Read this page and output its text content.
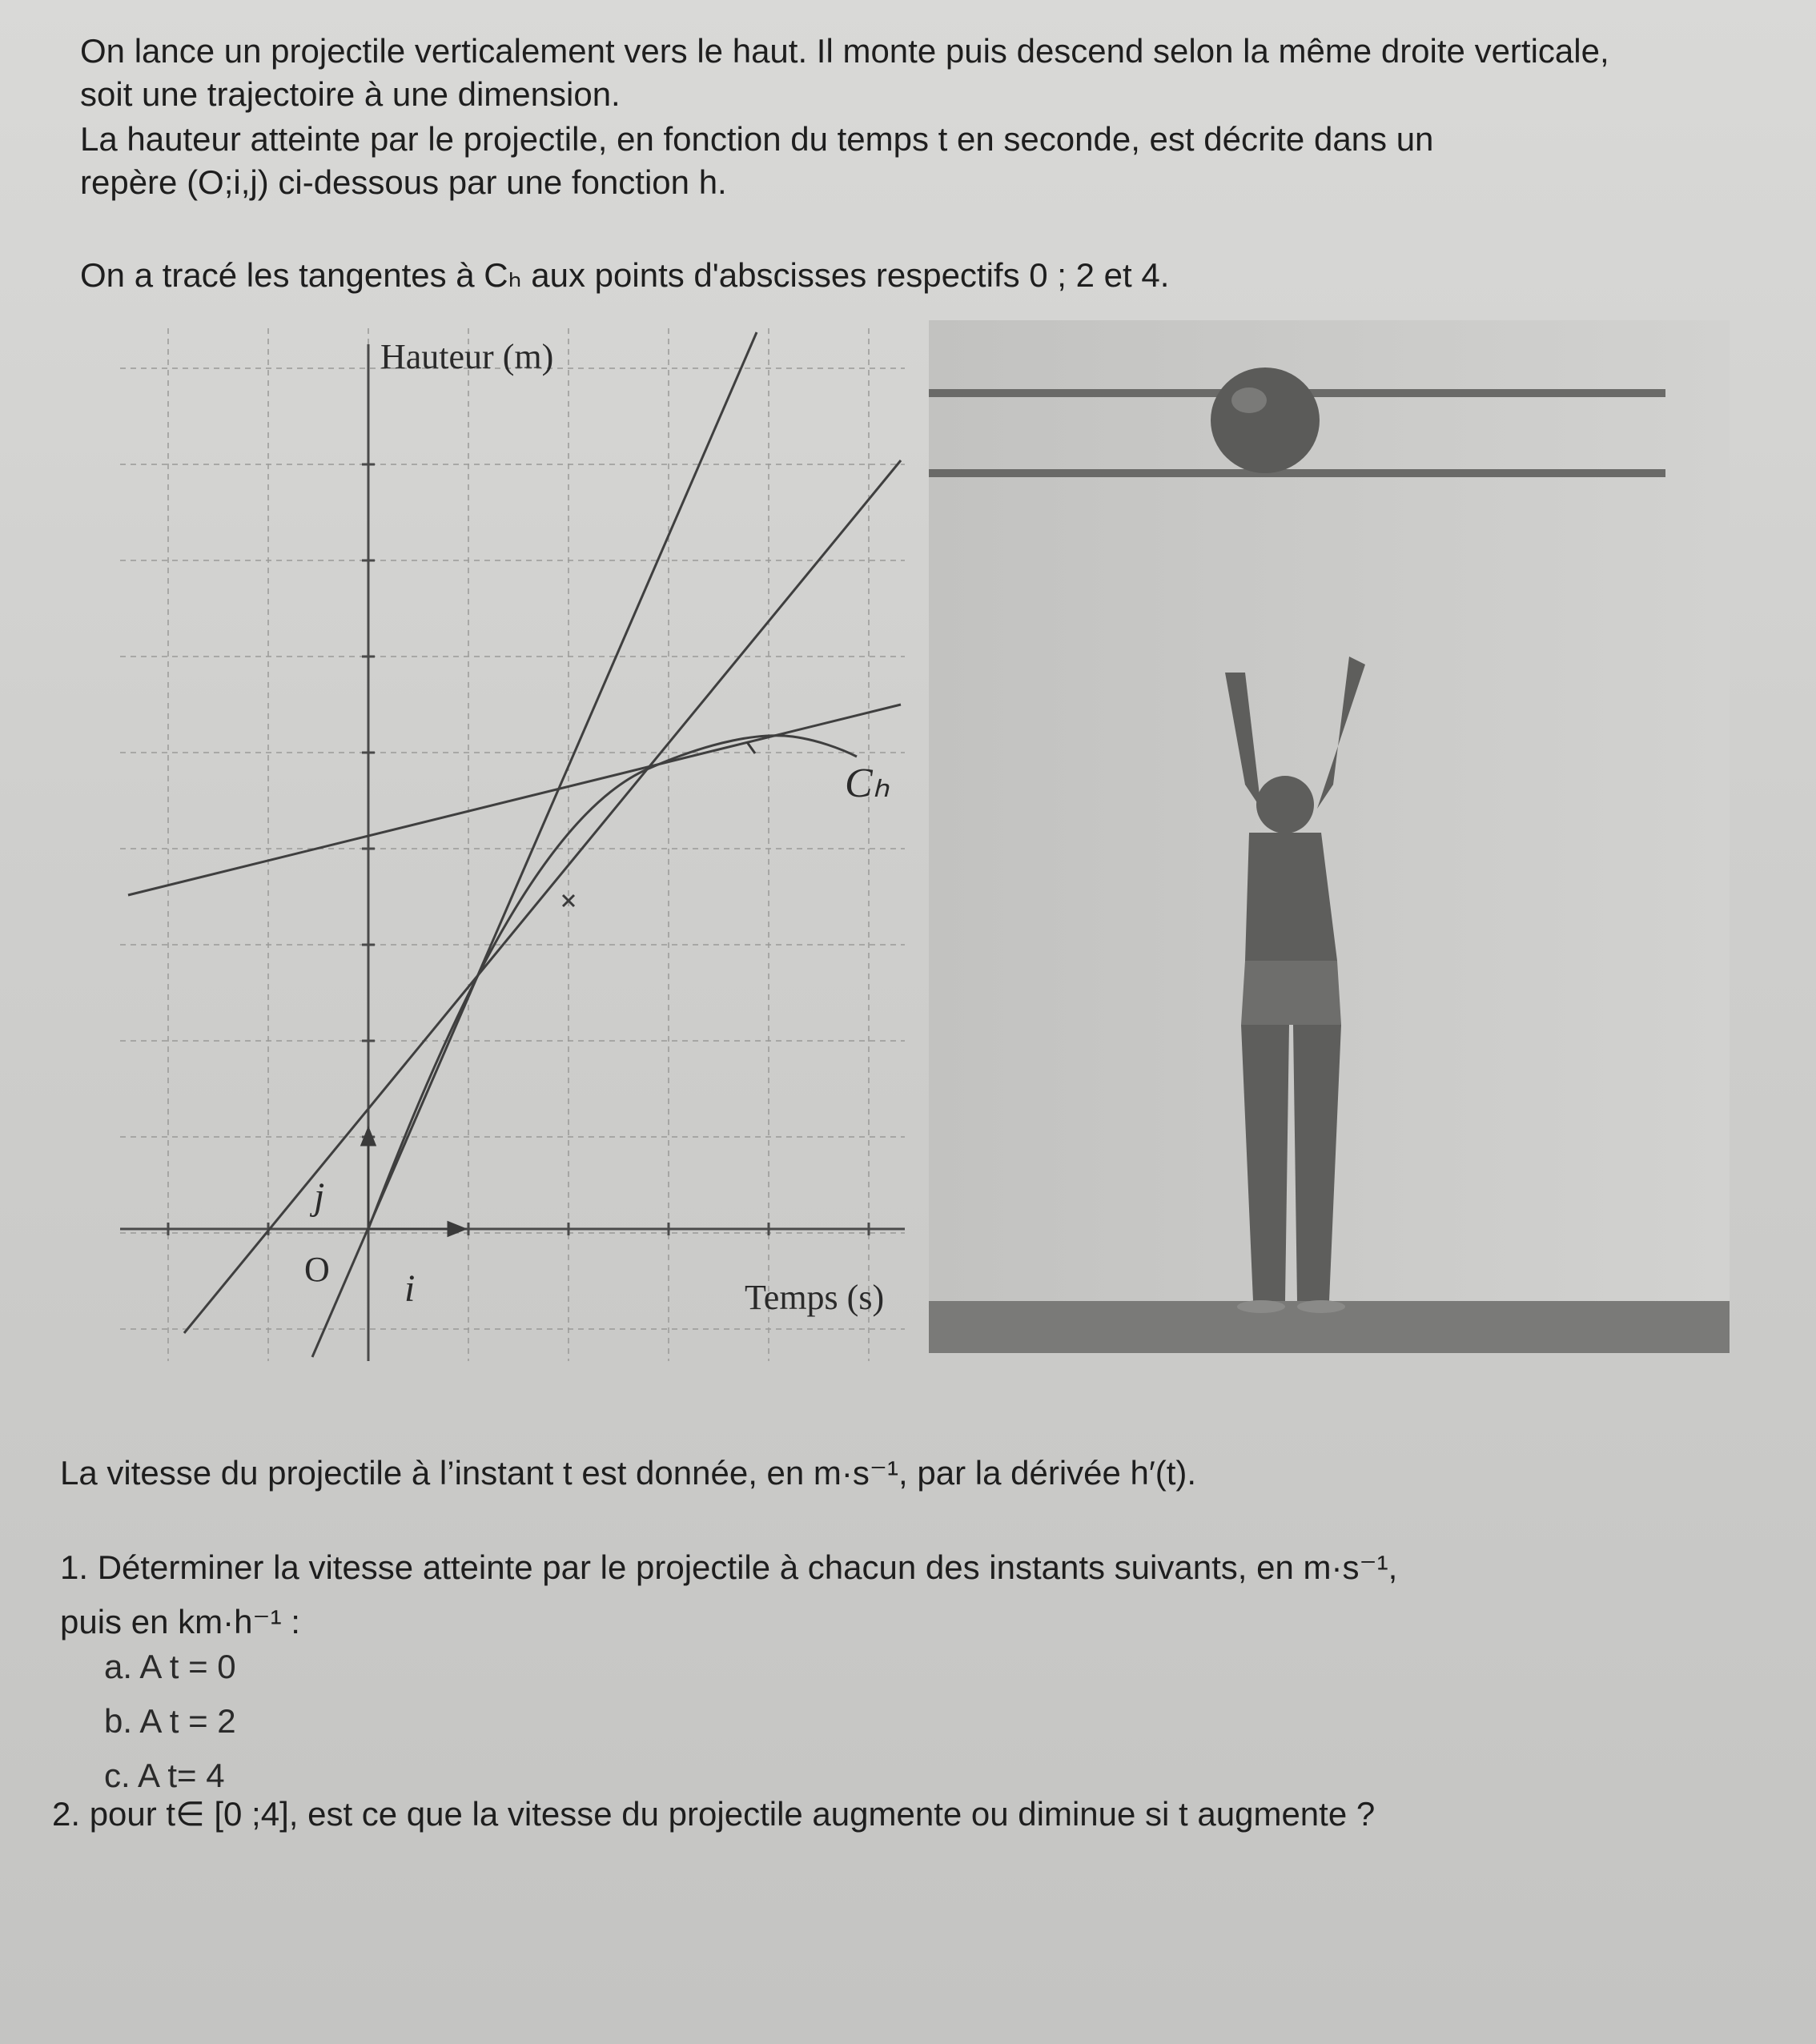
On lance un projectile verticalement vers le haut. Il monte puis descend selon la même droite verticale,

soit une trajectoire à une dimension.

La hauteur atteinte par le projectile, en fonction du temps t en seconde, est décrite dans un

repère (O;i,j) ci-dessous par une fonction h.

On a tracé les tangentes à Cₕ aux points d'abscisses respectifs 0 ; 2 et 4.

Hauteur (m)
Temps (s)
Cₕ
O i
j

La vitesse du projectile à l’instant t est donnée, en m·s⁻¹, par la dérivée h′(t).

1. Déterminer la vitesse atteinte par le projectile à chacun des instants suivants, en m·s⁻¹,

puis en km·h⁻¹ :

a. A t = 0
b. A t = 2
c. A t= 4

2. pour t∈ [0 ;4], est ce que la vitesse du projectile augmente ou diminue si t augmente ?
